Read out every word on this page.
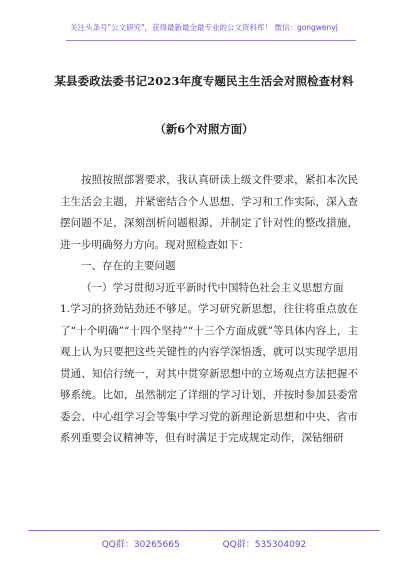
关注头条号"公文研究"，获得最新最全最专业的公文资料库！ 微信：gongwenyj
某县委政法委书记2023年度专题民主生活会对照检查材料
（新6个对照方面）

按照按照部署要求，我认真研读上级文件要求，紧扣本次民主生活会主题，并紧密结合个人思想、学习和工作实际，深入查摆问题不足，深刻剖析问题根源，并制定了针对性的整改措施，进一步明确努力方向。现对照检查如下：

一、存在的主要问题

（一）学习贯彻习近平新时代中国特色社会主义思想方面

1.学习的挤劲钻劲还不够足。学习研究新思想，往往将重点放在了“十个明确”“十四个坚持”“十三个方面成就”等具体内容上，主观上认为只要把这些关键性的内容学深悟透，就可以实现学思用贯通、知信行统一，对其中贯穿新思想中的立场观点方法把握不够系统。比如，虽然制定了详细的学习计划，并按时参加县委常委会、中心组学习会等集中学习党的新理论新思想和中央、省市系列重要会议精神等，但有时满足于完成规定动作，深钻细研

QQ群：30265665	QQ群：535304092
